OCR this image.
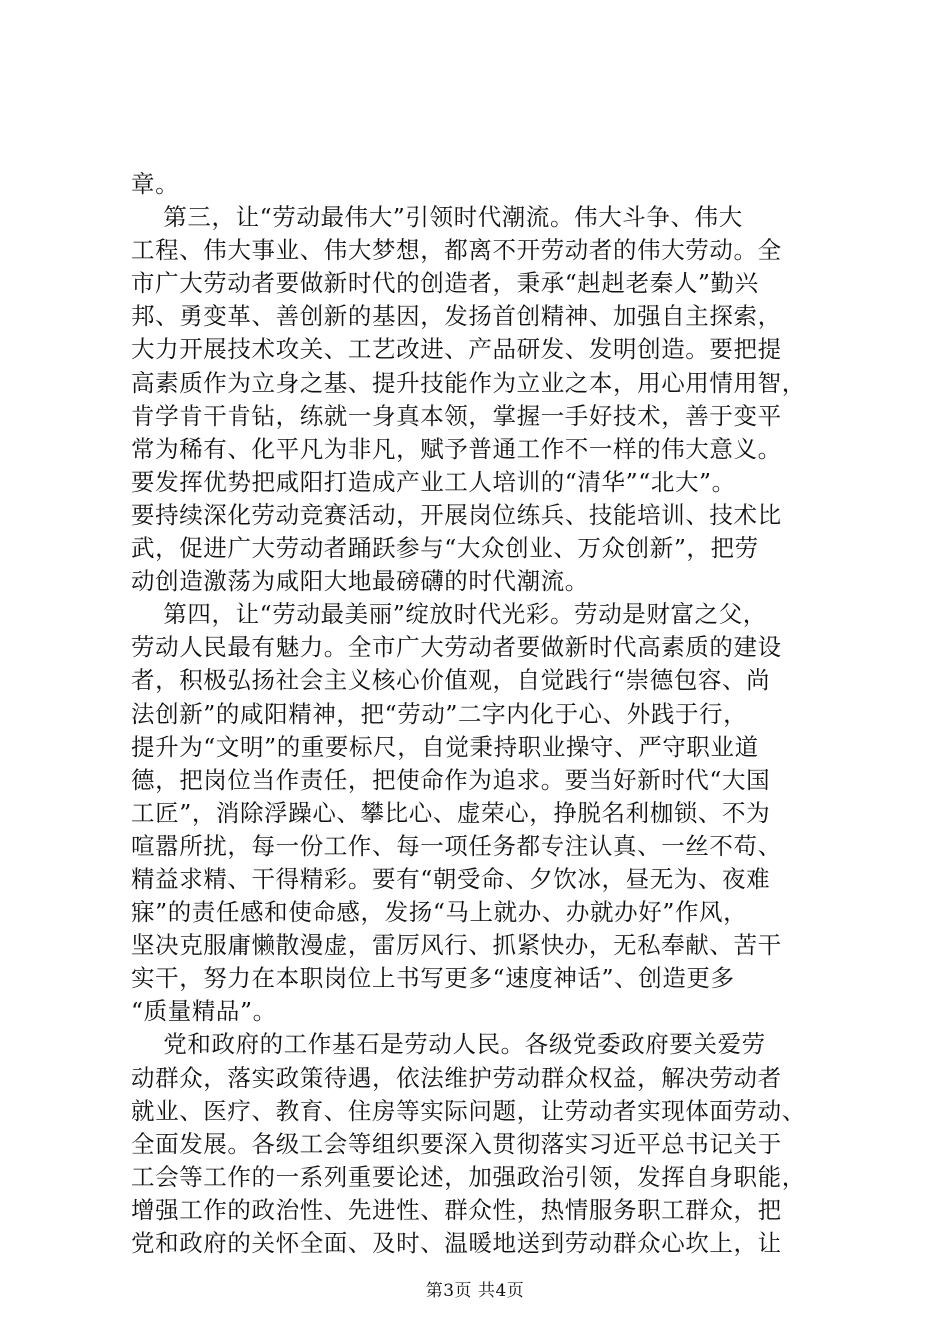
章。
第三，让“劳动最伟大”引领时代潮流。伟大斗争、伟大
工程、伟大事业、伟大梦想，都离不开劳动者的伟大劳动。全
市广大劳动者要做新时代的创造者，秉承“赳赳老秦人”勤兴
邦、勇变革、善创新的基因，发扬首创精神、加强自主探索，
大力开展技术攻关、工艺改进、产品研发、发明创造。要把提
高素质作为立身之基、提升技能作为立业之本，用心用情用智，
肯学肯干肯钻，练就一身真本领，掌握一手好技术，善于变平
常为稀有、化平凡为非凡，赋予普通工作不一样的伟大意义。
要发挥优势把咸阳打造成产业工人培训的“清华”“北大”。
要持续深化劳动竞赛活动，开展岗位练兵、技能培训、技术比
武，促进广大劳动者踊跃参与“大众创业、万众创新”，把劳
动创造激荡为咸阳大地最磅礴的时代潮流。
第四，让“劳动最美丽”绽放时代光彩。劳动是财富之父，
劳动人民最有魅力。全市广大劳动者要做新时代高素质的建设
者，积极弘扬社会主义核心价值观，自觉践行“崇德包容、尚
法创新”的咸阳精神，把“劳动”二字内化于心、外践于行，
提升为“文明”的重要标尺，自觉秉持职业操守、严守职业道
德，把岗位当作责任，把使命作为追求。要当好新时代“大国
工匠”，消除浮躁心、攀比心、虚荣心，挣脱名利枷锁、不为
喧嚣所扰，每一份工作、每一项任务都专注认真、一丝不苟、
精益求精、干得精彩。要有“朝受命、夕饮冰，昼无为、夜难
寐”的责任感和使命感，发扬“马上就办、办就办好”作风，
坚决克服庸懒散漫虚，雷厉风行、抓紧快办，无私奉献、苦干
实干，努力在本职岗位上书写更多“速度神话”、创造更多
“质量精品”。
党和政府的工作基石是劳动人民。各级党委政府要关爱劳
动群众，落实政策待遇，依法维护劳动群众权益，解决劳动者
就业、医疗、教育、住房等实际问题，让劳动者实现体面劳动、
全面发展。各级工会等组织要深入贯彻落实习近平总书记关于
工会等工作的一系列重要论述，加强政治引领，发挥自身职能，
增强工作的政治性、先进性、群众性，热情服务职工群众，把
党和政府的关怀全面、及时、温暖地送到劳动群众心坎上，让
第3页 共4页
